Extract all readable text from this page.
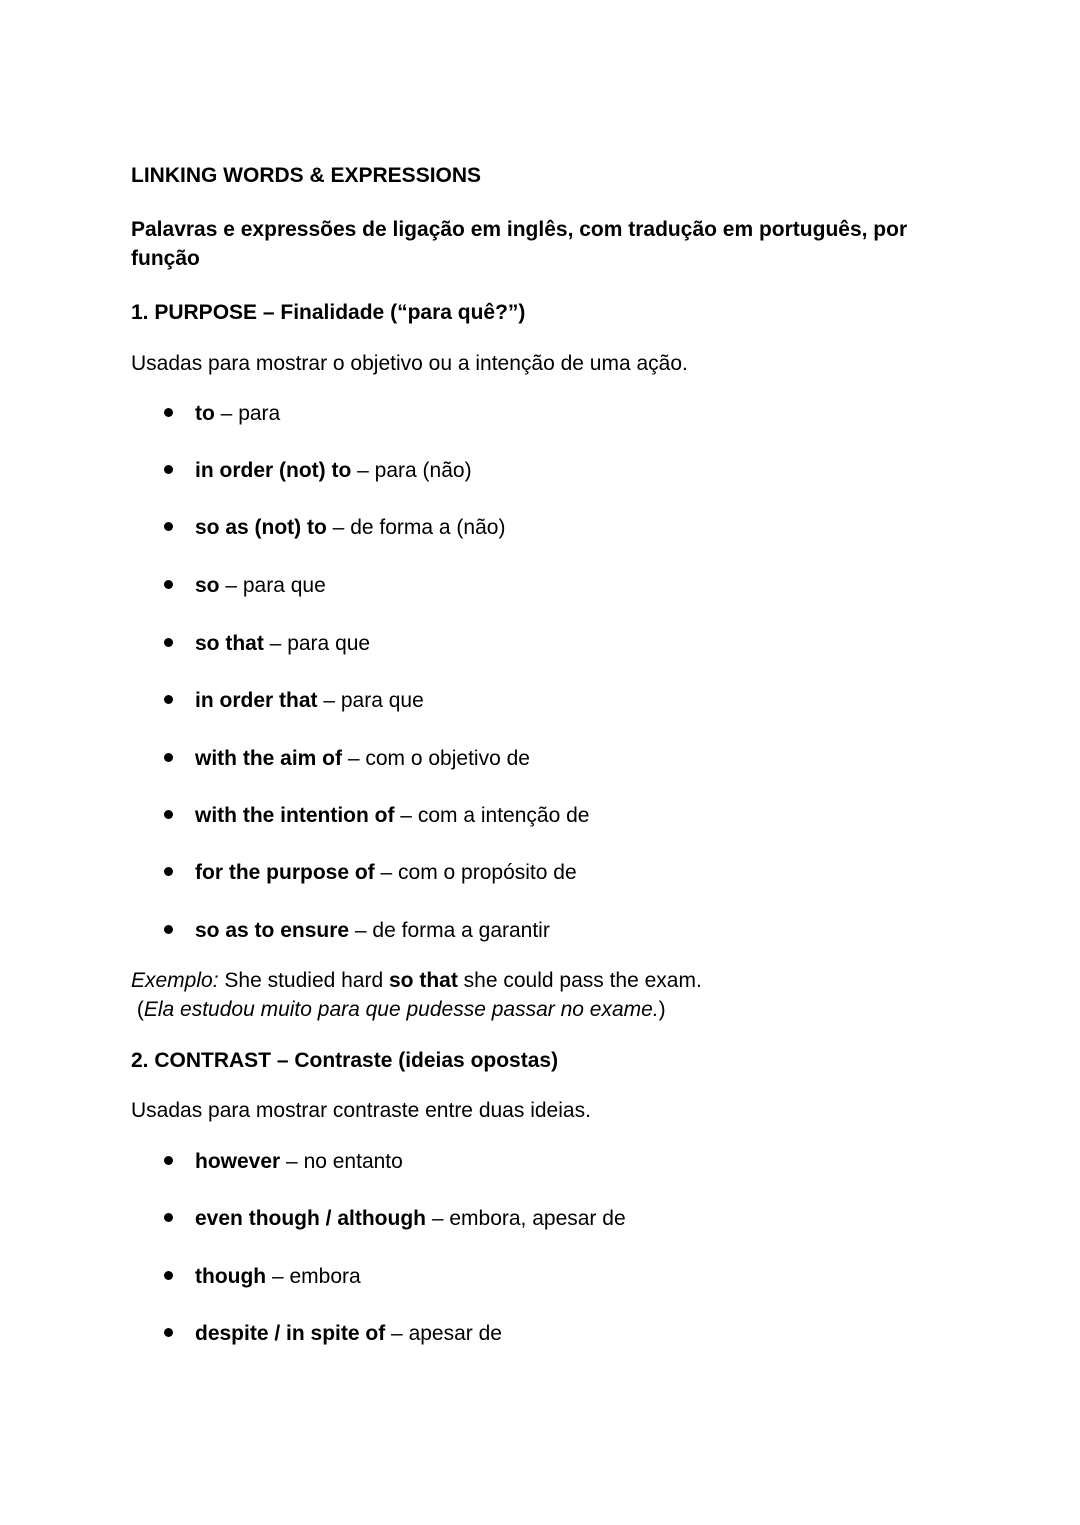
LINKING WORDS & EXPRESSIONS
Palavras e expressões de ligação em inglês, com tradução em português, por
função
1. PURPOSE – Finalidade (“para quê?”)
Usadas para mostrar o objetivo ou a intenção de uma ação.
to – para
in order (not) to – para (não)
so as (not) to – de forma a (não)
so – para que
so that – para que
in order that – para que
with the aim of – com o objetivo de
with the intention of – com a intenção de
for the purpose of – com o propósito de
so as to ensure – de forma a garantir
Exemplo: She studied hard so that she could pass the exam.
(Ela estudou muito para que pudesse passar no exame.)
2. CONTRAST – Contraste (ideias opostas)
Usadas para mostrar contraste entre duas ideias.
however – no entanto
even though / although – embora, apesar de
though – embora
despite / in spite of – apesar de
